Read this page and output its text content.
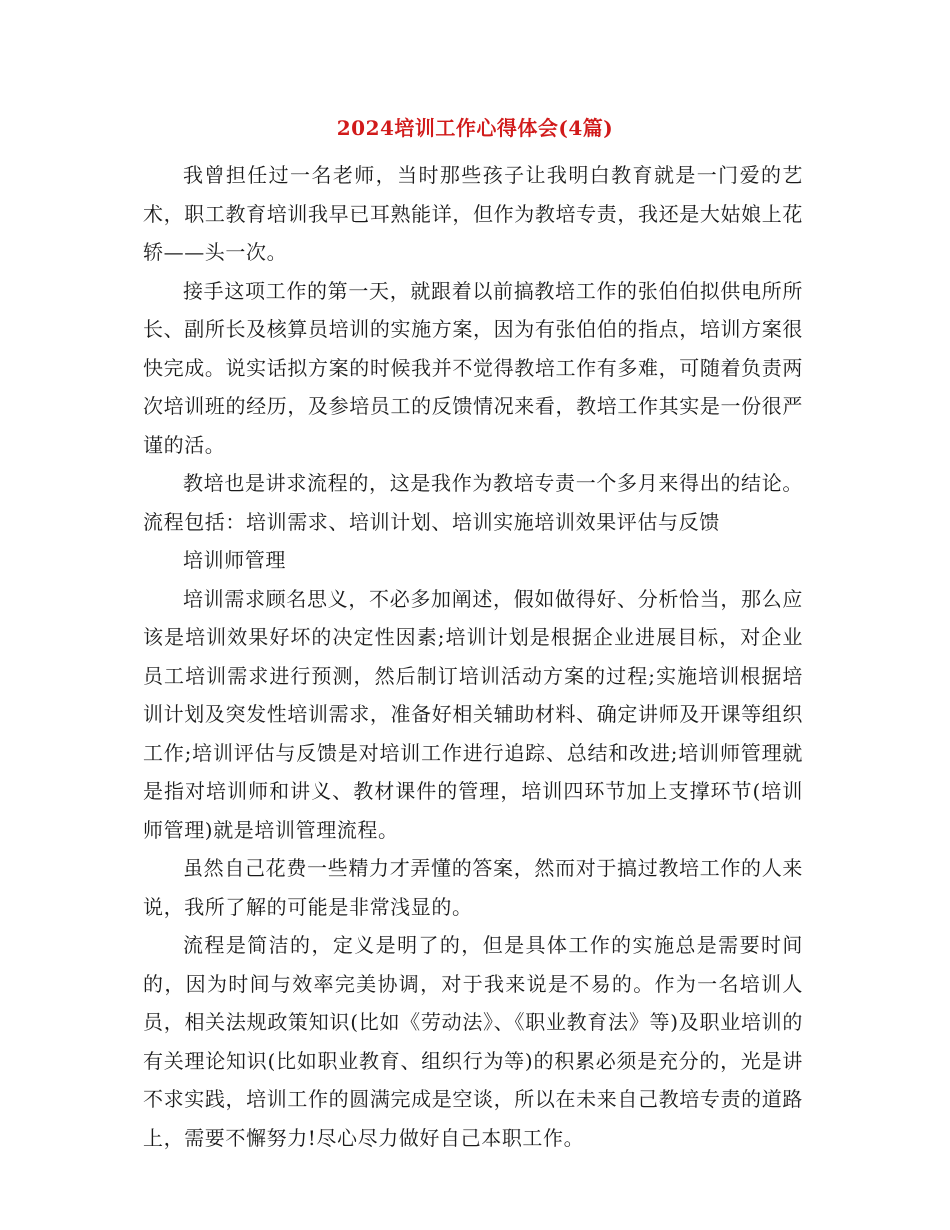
2024培训工作心得体会(4篇)

我曾担任过一名老师，当时那些孩子让我明白教育就是一门爱的艺术，职工教育培训我早已耳熟能详，但作为教培专责，我还是大姑娘上花轿——头一次。

接手这项工作的第一天，就跟着以前搞教培工作的张伯伯拟供电所所长、副所长及核算员培训的实施方案，因为有张伯伯的指点，培训方案很快完成。说实话拟方案的时候我并不觉得教培工作有多难，可随着负责两次培训班的经历，及参培员工的反馈情况来看，教培工作其实是一份很严谨的活。

教培也是讲求流程的，这是我作为教培专责一个多月来得出的结论。流程包括：培训需求、培训计划、培训实施培训效果评估与反馈

培训师管理

培训需求顾名思义，不必多加阐述，假如做得好、分析恰当，那么应该是培训效果好坏的决定性因素;培训计划是根据企业进展目标，对企业员工培训需求进行预测，然后制订培训活动方案的过程;实施培训根据培训计划及突发性培训需求，准备好相关辅助材料、确定讲师及开课等组织工作;培训评估与反馈是对培训工作进行追踪、总结和改进;培训师管理就是指对培训师和讲义、教材课件的管理，培训四环节加上支撑环节(培训师管理)就是培训管理流程。

虽然自己花费一些精力才弄懂的答案，然而对于搞过教培工作的人来说，我所了解的可能是非常浅显的。

流程是简洁的，定义是明了的，但是具体工作的实施总是需要时间的，因为时间与效率完美协调，对于我来说是不易的。作为一名培训人员，相关法规政策知识(比如《劳动法》、《职业教育法》等)及职业培训的有关理论知识(比如职业教育、组织行为等)的积累必须是充分的，光是讲不求实践，培训工作的圆满完成是空谈，所以在未来自己教培专责的道路上，需要不懈努力!尽心尽力做好自己本职工作。
